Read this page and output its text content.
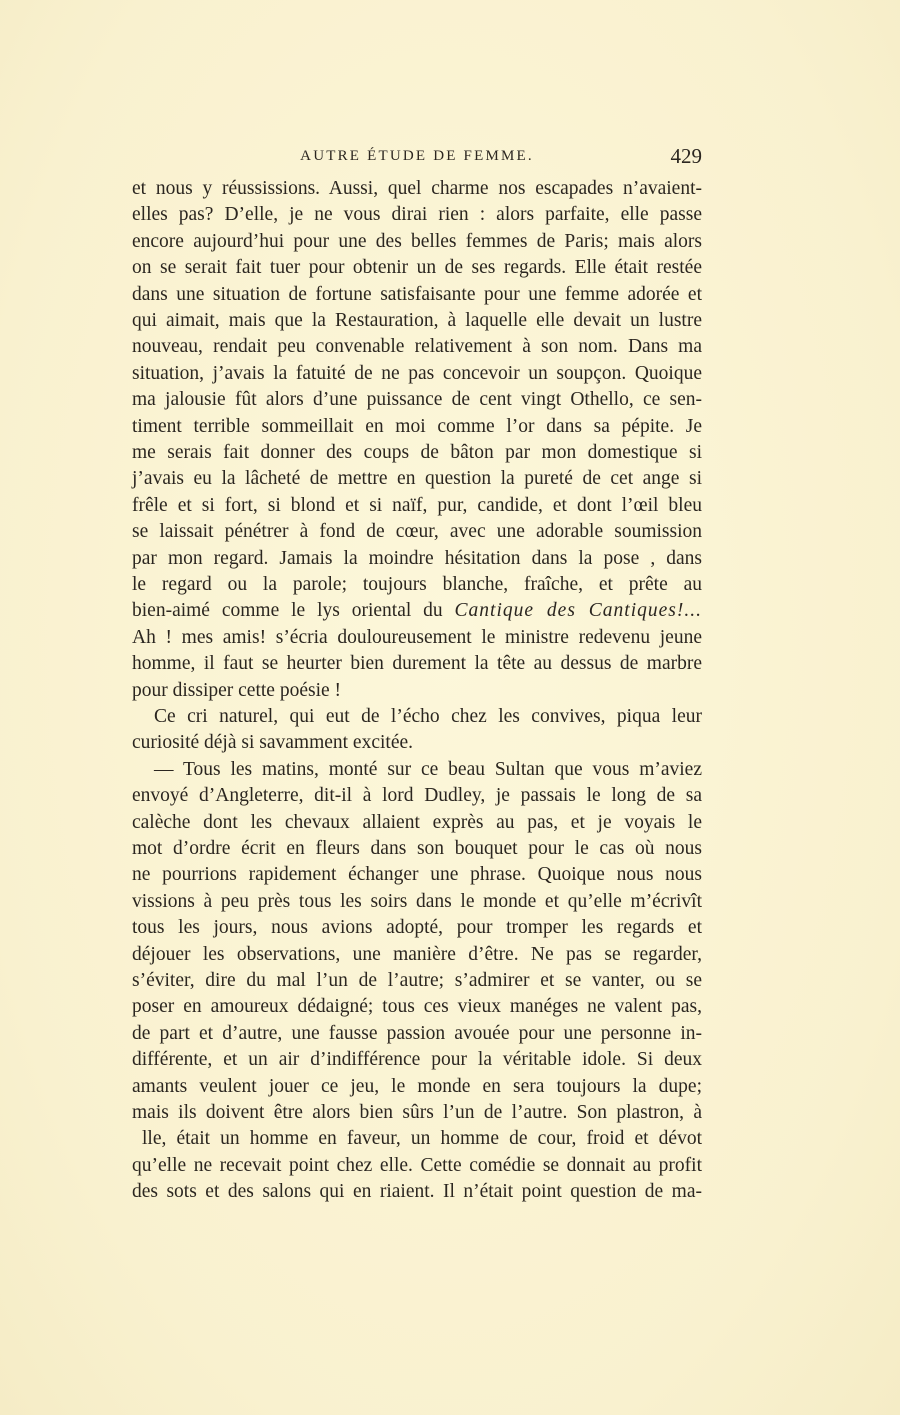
AUTRE ÉTUDE DE FEMME.	429
et nous y réussissions. Aussi, quel charme nos escapades n’avaient-
elles pas? D’elle, je ne vous dirai rien : alors parfaite, elle passe
encore aujourd’hui pour une des belles femmes de Paris; mais alors
on se serait fait tuer pour obtenir un de ses regards. Elle était restée
dans une situation de fortune satisfaisante pour une femme adorée et
qui aimait, mais que la Restauration, à laquelle elle devait un lustre
nouveau, rendait peu convenable relativement à son nom. Dans ma
situation, j’avais la fatuité de ne pas concevoir un soupçon. Quoique
ma jalousie fût alors d’une puissance de cent vingt Othello, ce sen-
timent terrible sommeillait en moi comme l’or dans sa pépite. Je
me serais fait donner des coups de bâton par mon domestique si
j’avais eu la lâcheté de mettre en question la pureté de cet ange si
frêle et si fort, si blond et si naïf, pur, candide, et dont l’œil bleu
se laissait pénétrer à fond de cœur, avec une adorable soumission
par mon regard. Jamais la moindre hésitation dans la pose , dans
le regard ou la parole; toujours blanche, fraîche, et prête au
bien-aimé comme le lys oriental du Cantique des Cantiques!...
Ah ! mes amis! s’écria douloureusement le ministre redevenu jeune
homme, il faut se heurter bien durement la tête au dessus de marbre
pour dissiper cette poésie !
Ce cri naturel, qui eut de l’écho chez les convives, piqua leur
curiosité déjà si savamment excitée.
— Tous les matins, monté sur ce beau Sultan que vous m’aviez
envoyé d’Angleterre, dit-il à lord Dudley, je passais le long de sa
calèche dont les chevaux allaient exprès au pas, et je voyais le
mot d’ordre écrit en fleurs dans son bouquet pour le cas où nous
ne pourrions rapidement échanger une phrase. Quoique nous nous
vissions à peu près tous les soirs dans le monde et qu’elle m’écrivît
tous les jours, nous avions adopté, pour tromper les regards et
déjouer les observations, une manière d’être. Ne pas se regarder,
s’éviter, dire du mal l’un de l’autre; s’admirer et se vanter, ou se
poser en amoureux dédaigné; tous ces vieux manéges ne valent pas,
de part et d’autre, une fausse passion avouée pour une personne in-
différente, et un air d’indifférence pour la véritable idole. Si deux
amants veulent jouer ce jeu, le monde en sera toujours la dupe;
mais ils doivent être alors bien sûrs l’un de l’autre. Son plastron, à
lle, était un homme en faveur, un homme de cour, froid et dévot
qu’elle ne recevait point chez elle. Cette comédie se donnait au profit
des sots et des salons qui en riaient. Il n’était point question de ma-
